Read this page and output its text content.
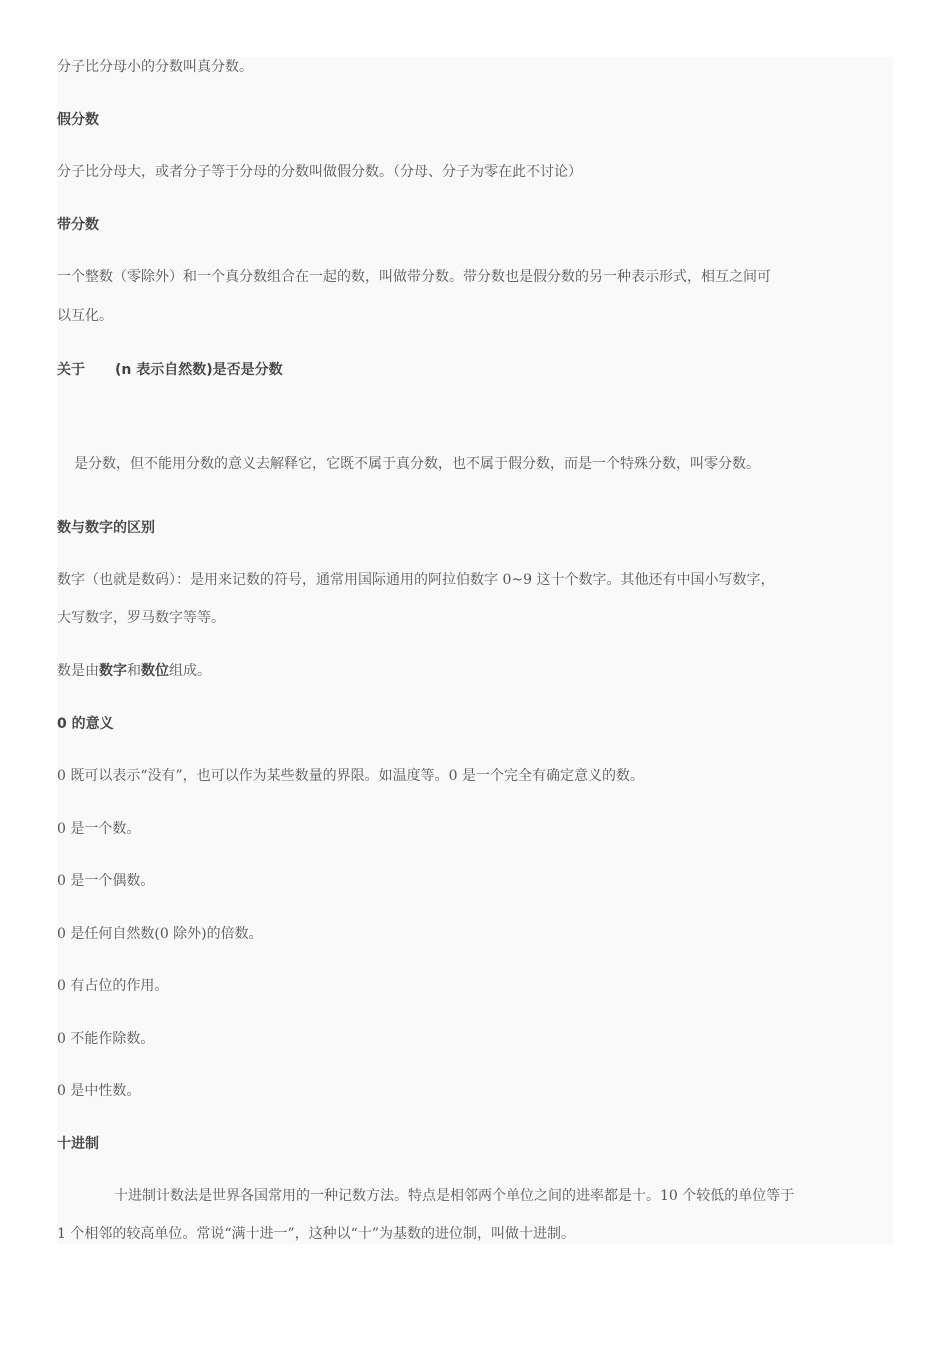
分子比分母小的分数叫真分数。
假分数
分子比分母大，或者分子等于分母的分数叫做假分数。（分母、分子为零在此不讨论）
带分数
一个整数（零除外）和一个真分数组合在一起的数，叫做带分数。带分数也是假分数的另一种表示形式，相互之间可
以互化。
关于 (n 表示自然数)是否是分数
是分数，但不能用分数的意义去解释它，它既不属于真分数，也不属于假分数，而是一个特殊分数，叫零分数。
数与数字的区别
数字（也就是数码）：是用来记数的符号，通常用国际通用的阿拉伯数字 0~9 这十个数字。其他还有中国小写数字，
大写数字，罗马数字等等。
数是由数字和数位组成。
0 的意义
0 既可以表示“没有”，也可以作为某些数量的界限。如温度等。0 是一个完全有确定意义的数。
0 是一个数。
0 是一个偶数。
0 是任何自然数(0 除外)的倍数。
0 有占位的作用。
0 不能作除数。
0 是中性数。
十进制
十进制计数法是世界各国常用的一种记数方法。特点是相邻两个单位之间的进率都是十。10 个较低的单位等于
1 个相邻的较高单位。常说“满十进一”，这种以“十”为基数的进位制，叫做十进制。
